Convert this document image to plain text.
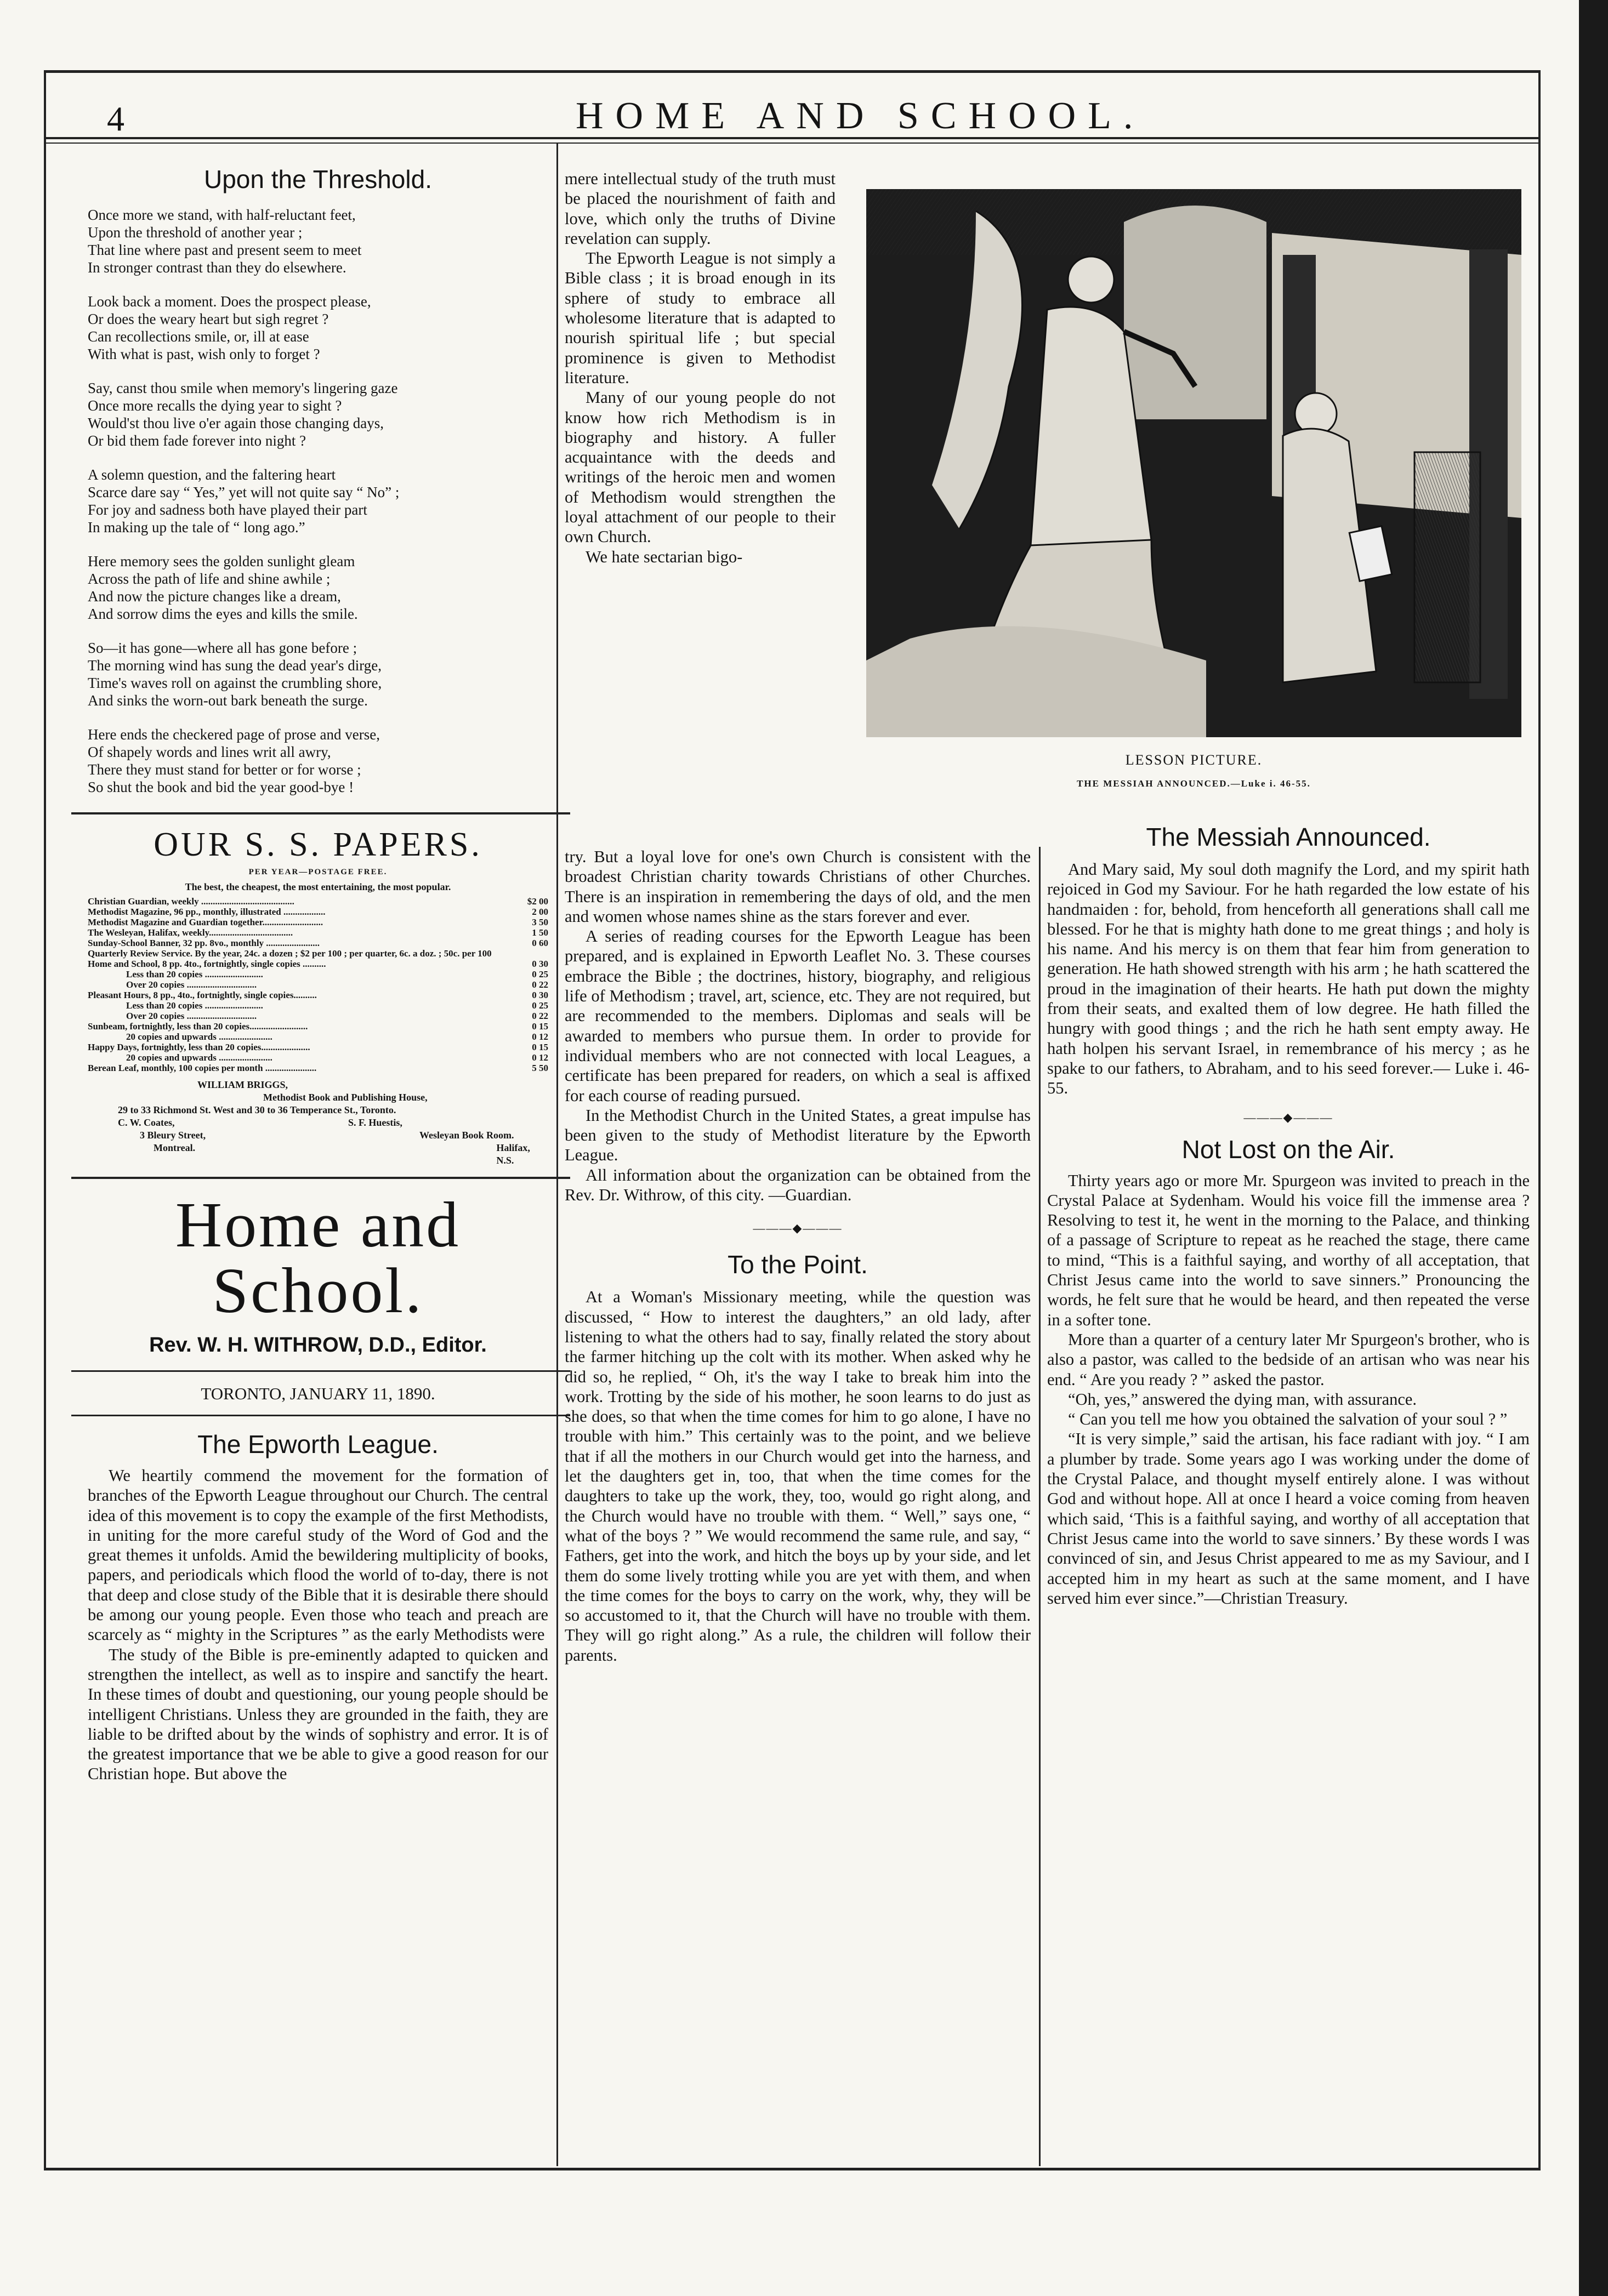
4	HOME AND SCHOOL.
Upon the Threshold.

Once more we stand, with half-reluctant feet,
Upon the threshold of another year ;
That line where past and present seem to meet
In stronger contrast than they do elsewhere.

Look back a moment. Does the prospect please,
Or does the weary heart but sigh regret ?
Can recollections smile, or, ill at ease
With what is past, wish only to forget ?

Say, canst thou smile when memory's lingering gaze
Once more recalls the dying year to sight ?
Would'st thou live o'er again those changing days,
Or bid them fade forever into night ?

A solemn question, and the faltering heart
Scarce dare say “ Yes,” yet will not quite say “ No” ;
For joy and sadness both have played their part
In making up the tale of “ long ago.”

Here memory sees the golden sunlight gleam
Across the path of life and shine awhile ;
And now the picture changes like a dream,
And sorrow dims the eyes and kills the smile.

So—it has gone—where all has gone before ;
The morning wind has sung the dead year's dirge,
Time's waves roll on against the crumbling shore,
And sinks the worn-out bark beneath the surge.

Here ends the checkered page of prose and verse,
Of shapely words and lines writ all awry,
There they must stand for better or for worse ;
So shut the book and bid the year good-bye !

OUR S. S. PAPERS.
PER YEAR—POSTAGE FREE.
The best, the cheapest, the most entertaining, the most popular.
Christian Guardian, weekly ........................................	$2 00
Methodist Magazine, 96 pp., monthly, illustrated ..................	2 00
Methodist Magazine and Guardian together..........................	3 50
The Wesleyan, Halifax, weekly....................................	1 50
Sunday-School Banner, 32 pp. 8vo., monthly .......................	0 60
Quarterly Review Service. By the year, 24c. a dozen ; $2 per 100 ; per quarter, 6c. a doz. ; 50c. per 100	
Home and School, 8 pp. 4to., fortnightly, single copies ..........	0 30
Less than 20 copies .........................	0 25
Over 20 copies ..............................	0 22
Pleasant Hours, 8 pp., 4to., fortnightly, single copies..........	0 30
Less than 20 copies .........................	0 25
Over 20 copies ..............................	0 22
Sunbeam, fortnightly, less than 20 copies.........................	0 15
20 copies and upwards .......................	0 12
Happy Days, fortnightly, less than 20 copies.....................	0 15
20 copies and upwards .......................	0 12
Berean Leaf, monthly, 100 copies per month ......................	5 50
WILLIAM BRIGGS,
Methodist Book and Publishing House,
29 to 33 Richmond St. West and 30 to 36 Temperance St., Toronto.
C. W. Coates,	S. F. Huestis,
3 Bleury Street,	Wesleyan Book Room.
Montreal.	Halifax, N.S.
Home and School.
Rev. W. H. WITHROW, D.D., Editor.
TORONTO, JANUARY 11, 1890.
The Epworth League.

We heartily commend the movement for the formation of branches of the Epworth League throughout our Church. The central idea of this movement is to copy the example of the first Methodists, in uniting for the more careful study of the Word of God and the great themes it unfolds. Amid the bewildering multiplicity of books, papers, and periodicals which flood the world of to-day, there is not that deep and close study of the Bible that it is desirable there should be among our young people. Even those who teach and preach are scarcely as “ mighty in the Scriptures ” as the early Methodists were

The study of the Bible is pre-eminently adapted to quicken and strengthen the intellect, as well as to inspire and sanctify the heart. In these times of doubt and questioning, our young people should be intelligent Christians. Unless they are grounded in the faith, they are liable to be drifted about by the winds of sophistry and error. It is of the greatest importance that we be able to give a good reason for our Christian hope. But above the

mere intellectual study of the truth must be placed the nourishment of faith and love, which only the truths of Divine revelation can supply.

The Epworth League is not simply a Bible class ; it is broad enough in its sphere of study to embrace all wholesome literature that is adapted to nourish spiritual life ; but special prominence is given to Methodist literature.

Many of our young people do not know how rich Methodism is in biography and history. A fuller acquaintance with the deeds and writings of the heroic men and women of Methodism would strengthen the loyal attachment of our people to their own Church.

We hate sectarian bigo-

LESSON PICTURE.
THE MESSIAH ANNOUNCED.—Luke i. 46-55.

try. But a loyal love for one's own Church is consistent with the broadest Christian charity towards Christians of other Churches. There is an inspiration in remembering the days of old, and the men and women whose names shine as the stars forever and ever.

A series of reading courses for the Epworth League has been prepared, and is explained in Epworth Leaflet No. 3. These courses embrace the Bible ; the doctrines, history, biography, and religious life of Methodism ; travel, art, science, etc. They are not required, but are recommended to the members. Diplomas and seals will be awarded to members who pursue them. In order to provide for individual members who are not connected with local Leagues, a certificate has been prepared for readers, on which a seal is affixed for each course of reading pursued.

In the Methodist Church in the United States, a great impulse has been given to the study of Methodist literature by the Epworth League.

All information about the organization can be obtained from the Rev. Dr. Withrow, of this city. —Guardian.

———◆———
To the Point.

At a Woman's Missionary meeting, while the question was discussed, “ How to interest the daughters,” an old lady, after listening to what the others had to say, finally related the story about the farmer hitching up the colt with its mother. When asked why he did so, he replied, “ Oh, it's the way I take to break him into the work. Trotting by the side of his mother, he soon learns to do just as she does, so that when the time comes for him to go alone, I have no trouble with him.” This certainly was to the point, and we believe that if all the mothers in our Church would get into the harness, and let the daughters get in, too, that when the time comes for the daughters to take up the work, they, too, would go right along, and the Church would have no trouble with them. “ Well,” says one, “ what of the boys ? ” We would recommend the same rule, and say, “ Fathers, get into the work, and hitch the boys up by your side, and let them do some lively trotting while you are yet with them, and when the time comes for the boys to carry on the work, why, they will be so accustomed to it, that the Church will have no trouble with them. They will go right along.” As a rule, the children will follow their parents.

The Messiah Announced.

And Mary said, My soul doth magnify the Lord, and my spirit hath rejoiced in God my Saviour. For he hath regarded the low estate of his handmaiden : for, behold, from henceforth all generations shall call me blessed. For he that is mighty hath done to me great things ; and holy is his name. And his mercy is on them that fear him from generation to generation. He hath showed strength with his arm ; he hath scattered the proud in the imagination of their hearts. He hath put down the mighty from their seats, and exalted them of low degree. He hath filled the hungry with good things ; and the rich he hath sent empty away. He hath holpen his servant Israel, in remembrance of his mercy ; as he spake to our fathers, to Abraham, and to his seed forever.— Luke i. 46-55.

———◆———
Not Lost on the Air.

Thirty years ago or more Mr. Spurgeon was invited to preach in the Crystal Palace at Sydenham. Would his voice fill the immense area ? Resolving to test it, he went in the morning to the Palace, and thinking of a passage of Scripture to repeat as he reached the stage, there came to mind, “This is a faithful saying, and worthy of all acceptation, that Christ Jesus came into the world to save sinners.” Pronouncing the words, he felt sure that he would be heard, and then repeated the verse in a softer tone.

More than a quarter of a century later Mr Spurgeon's brother, who is also a pastor, was called to the bedside of an artisan who was near his end. “ Are you ready ? ” asked the pastor.

“Oh, yes,” answered the dying man, with assurance.

“ Can you tell me how you obtained the salvation of your soul ? ”

“It is very simple,” said the artisan, his face radiant with joy. “ I am a plumber by trade. Some years ago I was working under the dome of the Crystal Palace, and thought myself entirely alone. I was without God and without hope. All at once I heard a voice coming from heaven which said, ‘This is a faithful saying, and worthy of all acceptation that Christ Jesus came into the world to save sinners.’ By these words I was convinced of sin, and Jesus Christ appeared to me as my Saviour, and I accepted him in my heart as such at the same moment, and I have served him ever since.”—Christian Treasury.
